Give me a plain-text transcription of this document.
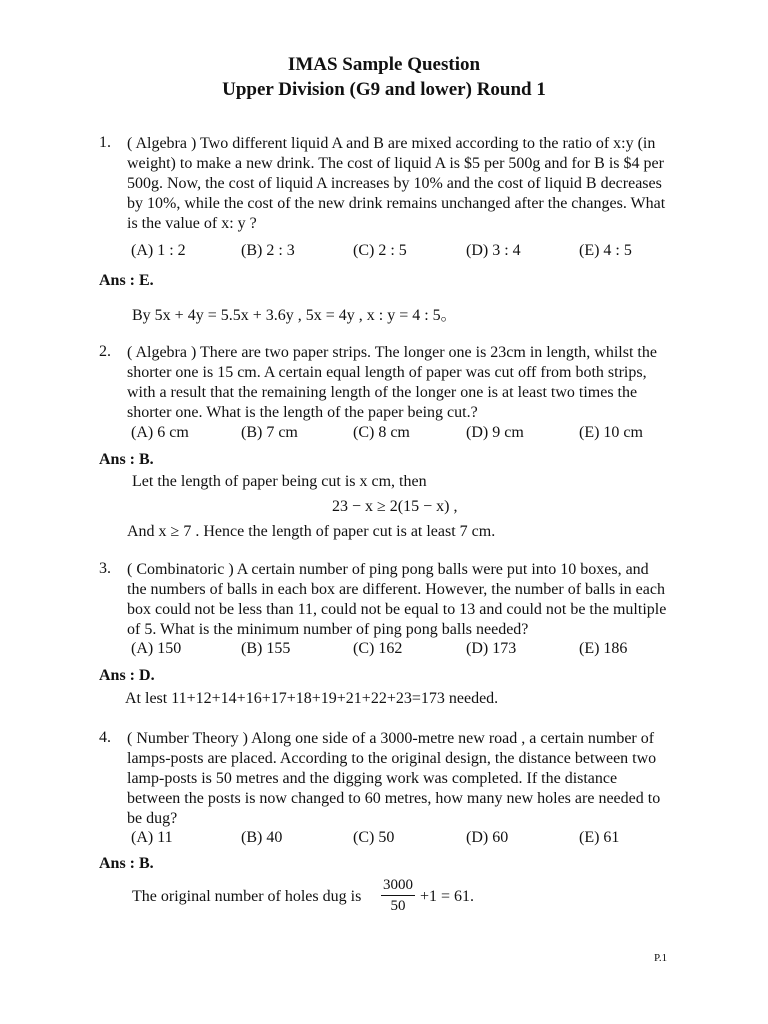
IMAS Sample Question
Upper Division (G9 and lower) Round 1
1. ( Algebra ) Two different liquid A and B are mixed according to the ratio of x:y (in weight) to make a new drink. The cost of liquid A is $5 per 500g and for B is $4 per 500g. Now, the cost of liquid A increases by 10% and the cost of liquid B decreases by 10%, while the cost of the new drink remains unchanged after the changes. What is the value of x: y ?
(A) 1 : 2	(B) 2 : 3	(C) 2 : 5	(D) 3 : 4	(E) 4 : 5
Ans : E.
By 5x + 4y = 5.5x + 3.6y , 5x = 4y , x : y = 4 : 5。
2. ( Algebra ) There are two paper strips. The longer one is 23cm in length, whilst the shorter one is 15 cm. A certain equal length of paper was cut off from both strips, with a result that the remaining length of the longer one is at least two times the shorter one. What is the length of the paper being cut.?
(A) 6 cm	(B) 7 cm	(C) 8 cm	(D) 9 cm	(E) 10 cm
Ans : B.
Let the length of paper being cut is x cm, then
23 − x ≥ 2(15 − x) ,
And x ≥ 7 . Hence the length of paper cut is at least 7 cm.
3. ( Combinatoric ) A certain number of ping pong balls were put into 10 boxes, and the numbers of balls in each box are different. However, the number of balls in each box could not be less than 11, could not be equal to 13 and could not be the multiple of 5. What is the minimum number of ping pong balls needed?
(A) 150	(B) 155	(C) 162	(D) 173	(E) 186
Ans : D.
At lest 11+12+14+16+17+18+19+21+22+23=173 needed.
4. ( Number Theory ) Along one side of a 3000-metre new road , a certain number of lamps-posts are placed. According to the original design, the distance between two lamp-posts is 50 metres and the digging work was completed. If the distance between the posts is now changed to 60 metres, how many new holes are needed to be dug?
(A) 11	(B) 40	(C) 50	(D) 60	(E) 61
Ans : B.
The original number of holes dug is $\frac{3000}{50} +1 = 61$.
P.1
